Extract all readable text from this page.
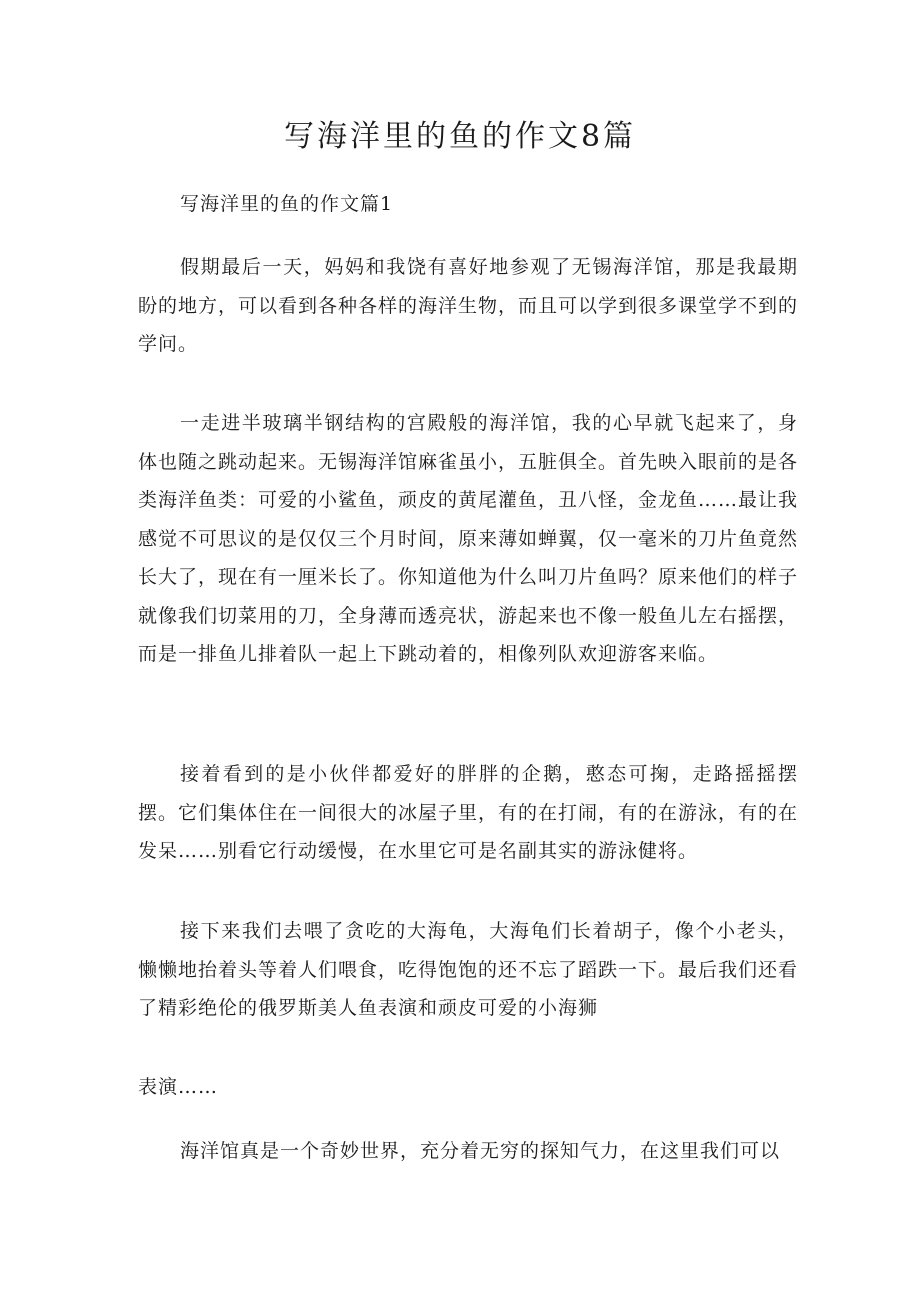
写海洋里的鱼的作文8篇

写海洋里的鱼的作文篇1

假期最后一天，妈妈和我饶有喜好地参观了无锡海洋馆，那是我最期盼的地方，可以看到各种各样的海洋生物，而且可以学到很多课堂学不到的学问。

一走进半玻璃半钢结构的宫殿般的海洋馆，我的心早就飞起来了，身体也随之跳动起来。无锡海洋馆麻雀虽小，五脏俱全。首先映入眼前的是各类海洋鱼类：可爱的小鲨鱼，顽皮的黄尾灌鱼，丑八怪，金龙鱼……最让我感觉不可思议的是仅仅三个月时间，原来薄如蝉翼，仅一毫米的刀片鱼竟然长大了，现在有一厘米长了。你知道他为什么叫刀片鱼吗？原来他们的样子就像我们切菜用的刀，全身薄而透亮状，游起来也不像一般鱼儿左右摇摆，而是一排鱼儿排着队一起上下跳动着的，相像列队欢迎游客来临。

接着看到的是小伙伴都爱好的胖胖的企鹅，憨态可掬，走路摇摇摆摆。它们集体住在一间很大的冰屋子里，有的在打闹，有的在游泳，有的在发呆……别看它行动缓慢，在水里它可是名副其实的游泳健将。

接下来我们去喂了贪吃的大海龟，大海龟们长着胡子，像个小老头，懒懒地抬着头等着人们喂食，吃得饱饱的还不忘了蹈跌一下。最后我们还看了精彩绝伦的俄罗斯美人鱼表演和顽皮可爱的小海狮

表演……

海洋馆真是一个奇妙世界，充分着无穷的探知气力，在这里我们可以
